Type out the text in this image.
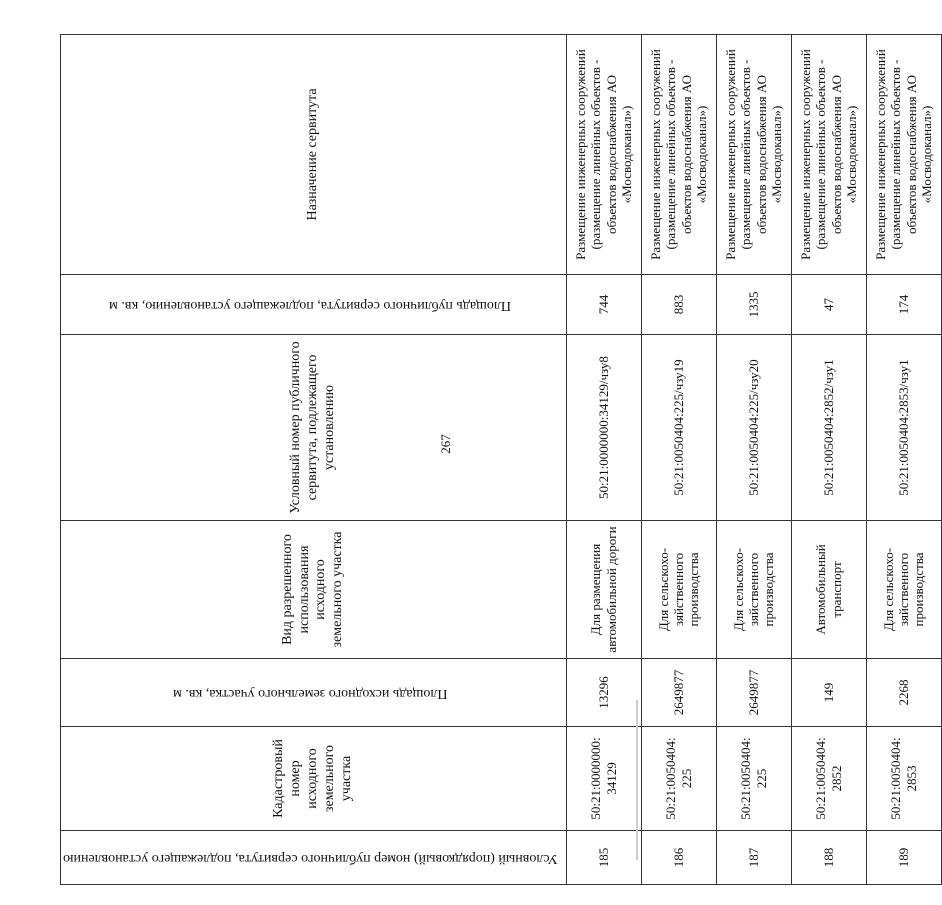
267
Условный (порядковый) номер публичного сервитута, подлежащего установлению	Кадастровый номер исходного земельного участка	Площадь исходного земельного участка, кв. м	Вид разрешенного использования исходного земельного участка	Условный номер публичного сервитута, подлежащего установлению	Площадь публичного сервитута, подлежащего установлению, кв. м	Назначение сервитута
185	50:21:0000000: 34129	13296	Для размещения автомобильной дороги	50:21:0000000:34129/чзу8	744	Размещение инженерных сооружений (размещение линейных объектов - объектов водоснабжения АО «Мосводоканал»)
186	50:21:0050404: 225	2649877	Для сельскохо- зяйственного производства	50:21:0050404:225/чзу19	883	Размещение инженерных сооружений (размещение линейных объектов - объектов водоснабжения АО «Мосводоканал»)
187	50:21:0050404: 225	2649877	Для сельскохо- зяйственного производства	50:21:0050404:225/чзу20	1335	Размещение инженерных сооружений (размещение линейных объектов - объектов водоснабжения АО «Мосводоканал»)
188	50:21:0050404: 2852	149	Автомобильный транспорт	50:21:0050404:2852/чзу1	47	Размещение инженерных сооружений (размещение линейных объектов - объектов водоснабжения АО «Мосводоканал»)
189	50:21:0050404: 2853	2268	Для сельскохо- зяйственного производства	50:21:0050404:2853/чзу1	174	Размещение инженерных сооружений (размещение линейных объектов - объектов водоснабжения АО «Мосводоканал»)
